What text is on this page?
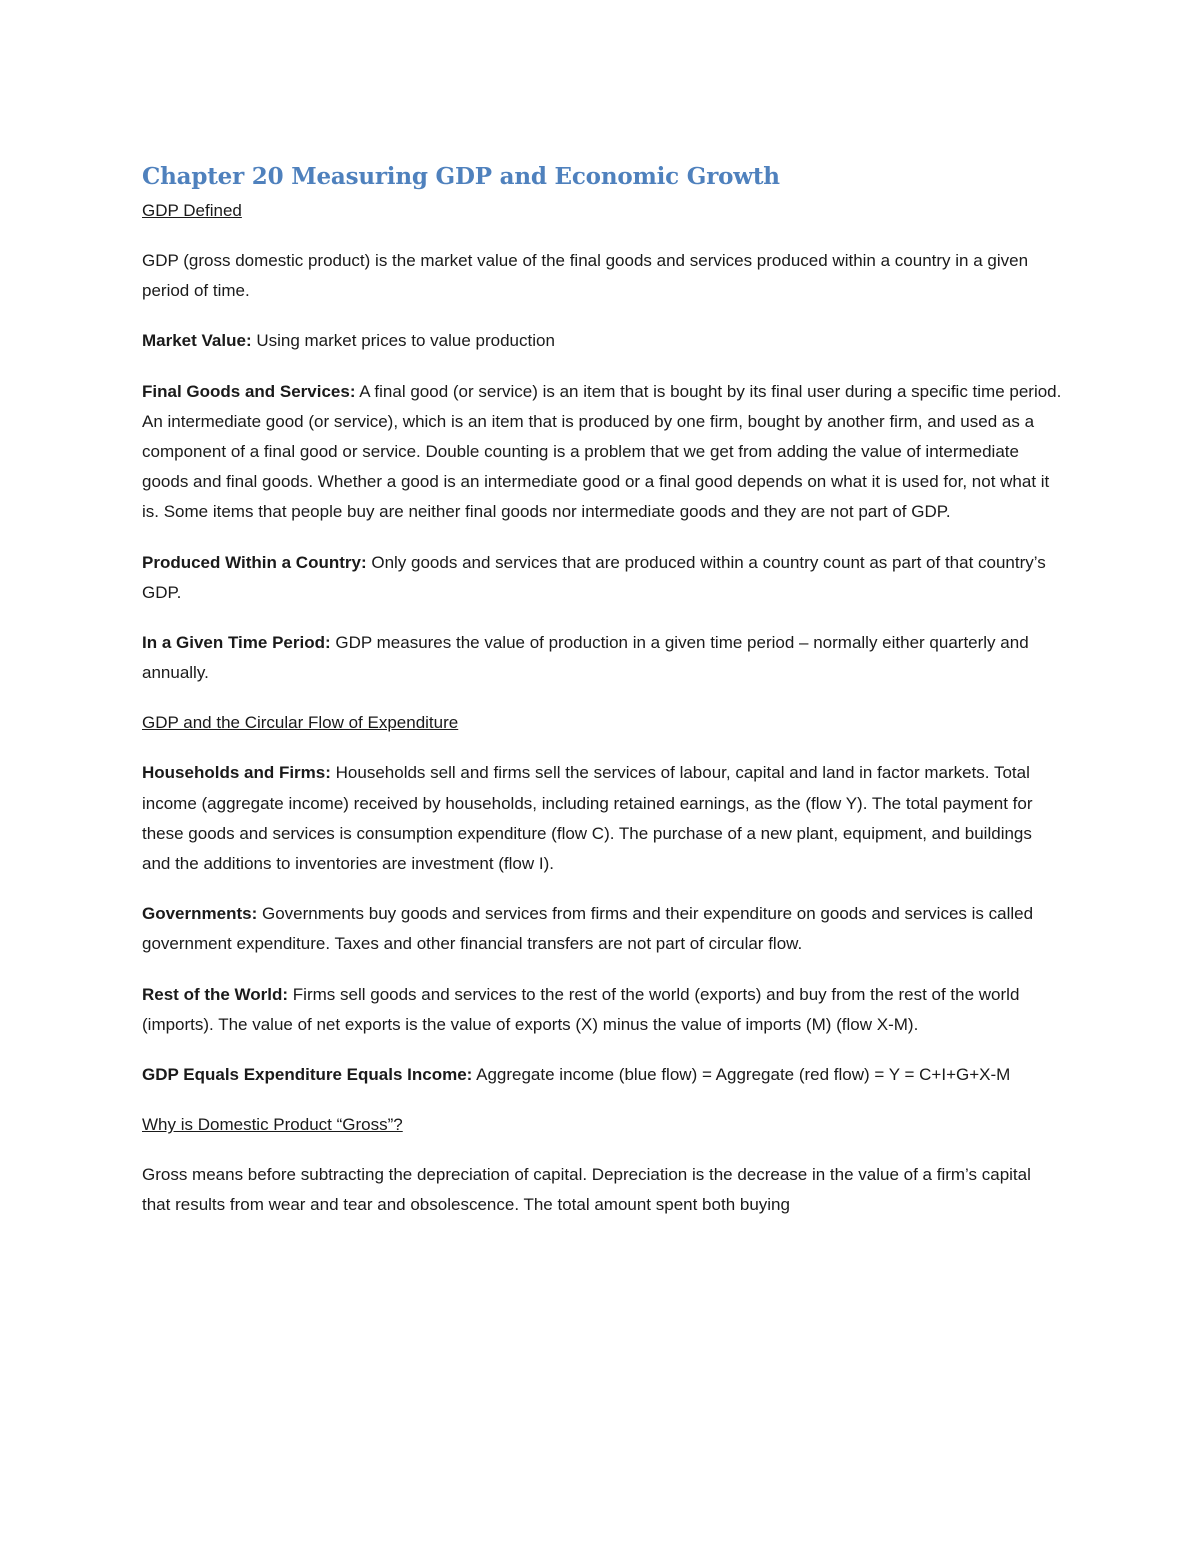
Chapter 20 Measuring GDP and Economic Growth

GDP Defined

GDP (gross domestic product) is the market value of the final goods and services produced within a country in a given period of time.

Market Value: Using market prices to value production

Final Goods and Services: A final good (or service) is an item that is bought by its final user during a specific time period. An intermediate good (or service), which is an item that is produced by one firm, bought by another firm, and used as a component of a final good or service. Double counting is a problem that we get from adding the value of intermediate goods and final goods. Whether a good is an intermediate good or a final good depends on what it is used for, not what it is. Some items that people buy are neither final goods nor intermediate goods and they are not part of GDP.

Produced Within a Country: Only goods and services that are produced within a country count as part of that country’s GDP.

In a Given Time Period: GDP measures the value of production in a given time period – normally either quarterly and annually.

GDP and the Circular Flow of Expenditure

Households and Firms: Households sell and firms sell the services of labour, capital and land in factor markets. Total income (aggregate income) received by households, including retained earnings, as the (flow Y). The total payment for these goods and services is consumption expenditure (flow C). The purchase of a new plant, equipment, and buildings and the additions to inventories are investment (flow I).

Governments: Governments buy goods and services from firms and their expenditure on goods and services is called government expenditure. Taxes and other financial transfers are not part of circular flow.

Rest of the World: Firms sell goods and services to the rest of the world (exports) and buy from the rest of the world (imports). The value of net exports is the value of exports (X) minus the value of imports (M) (flow X-M).

GDP Equals Expenditure Equals Income: Aggregate income (blue flow) = Aggregate (red flow) = Y = C+I+G+X-M

Why is Domestic Product “Gross”?

Gross means before subtracting the depreciation of capital. Depreciation is the decrease in the value of a firm’s capital that results from wear and tear and obsolescence. The total amount spent both buying
